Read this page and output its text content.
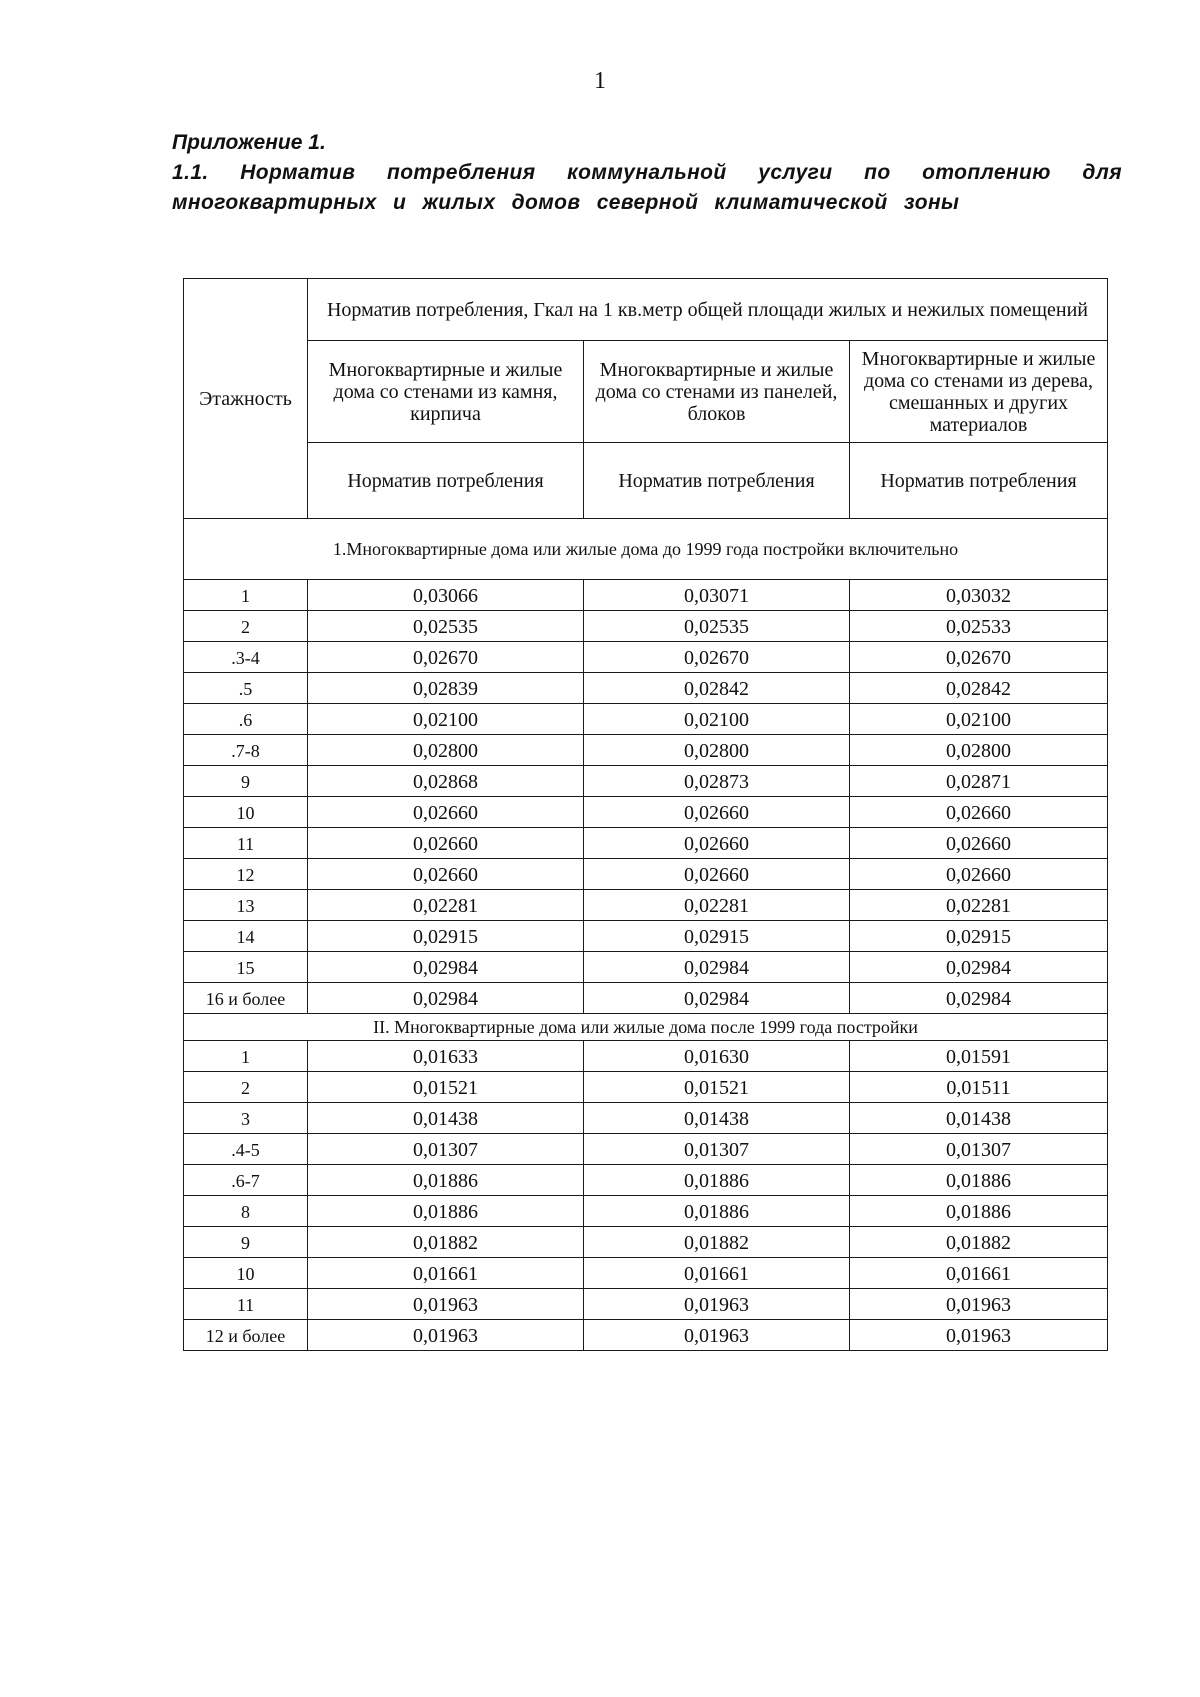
1

Приложение 1.

1.1. Норматив потребления коммунальной услуги по отоплению для многоквартирных и жилых домов северной климатической зоны

Этажность	Норматив потребления, Гкал на 1 кв.метр общей площади жилых и нежилых помещений		
	Многоквартирные и жилые дома со стенами из камня, кирпича	Многоквартирные и жилые дома со стенами из панелей, блоков	Многоквартирные и жилые дома со стенами из дерева, смешанных и других материалов
	Норматив потребления	Норматив потребления	Норматив потребления
1.Многоквартирные дома или жилые дома до 1999 года постройки включительно			
1	0,03066	0,03071	0,03032
2	0,02535	0,02535	0,02533
.3-4	0,02670	0,02670	0,02670
.5	0,02839	0,02842	0,02842
.6	0,02100	0,02100	0,02100
.7-8	0,02800	0,02800	0,02800
9	0,02868	0,02873	0,02871
10	0,02660	0,02660	0,02660
11	0,02660	0,02660	0,02660
12	0,02660	0,02660	0,02660
13	0,02281	0,02281	0,02281
14	0,02915	0,02915	0,02915
15	0,02984	0,02984	0,02984
16 и более	0,02984	0,02984	0,02984
II. Многоквартирные дома или жилые дома после 1999 года постройки			
1	0,01633	0,01630	0,01591
2	0,01521	0,01521	0,01511
3	0,01438	0,01438	0,01438
.4-5	0,01307	0,01307	0,01307
.6-7	0,01886	0,01886	0,01886
8	0,01886	0,01886	0,01886
9	0,01882	0,01882	0,01882
10	0,01661	0,01661	0,01661
11	0,01963	0,01963	0,01963
12 и более	0,01963	0,01963	0,01963
